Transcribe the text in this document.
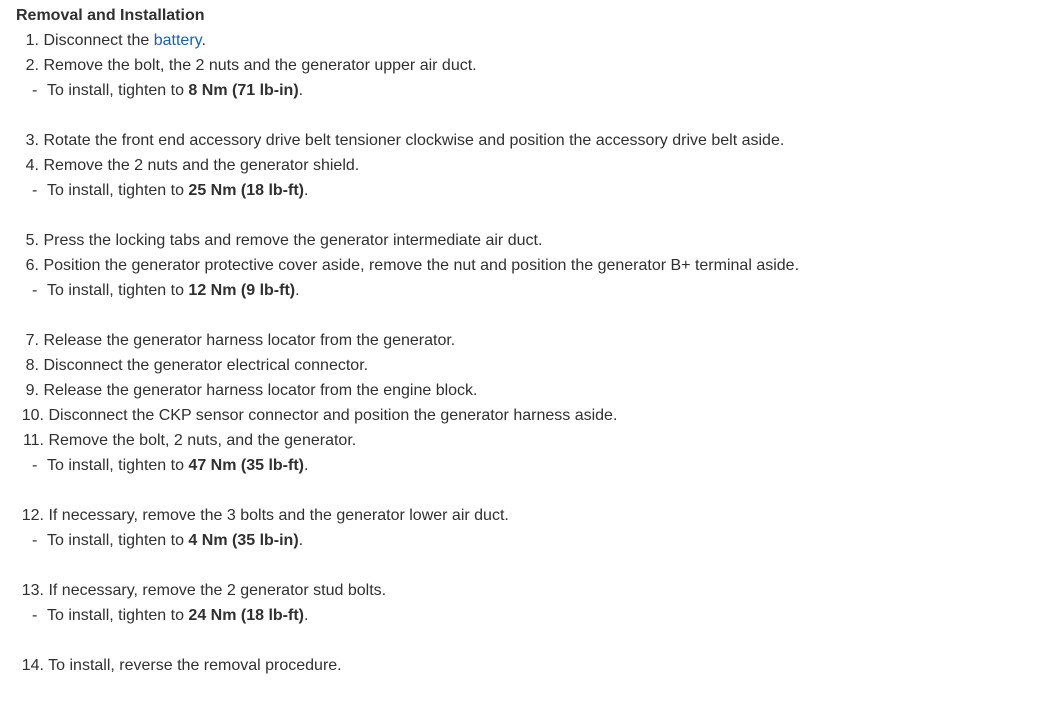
Removal and Installation
1. Disconnect the battery.
2. Remove the bolt, the 2 nuts and the generator upper air duct.
- To install, tighten to 8 Nm (71 lb-in).
3. Rotate the front end accessory drive belt tensioner clockwise and position the accessory drive belt aside.
4. Remove the 2 nuts and the generator shield.
- To install, tighten to 25 Nm (18 lb-ft).
5. Press the locking tabs and remove the generator intermediate air duct.
6. Position the generator protective cover aside, remove the nut and position the generator B+ terminal aside.
- To install, tighten to 12 Nm (9 lb-ft).
7. Release the generator harness locator from the generator.
8. Disconnect the generator electrical connector.
9. Release the generator harness locator from the engine block.
10. Disconnect the CKP sensor connector and position the generator harness aside.
11. Remove the bolt, 2 nuts, and the generator.
- To install, tighten to 47 Nm (35 lb-ft).
12. If necessary, remove the 3 bolts and the generator lower air duct.
- To install, tighten to 4 Nm (35 lb-in).
13. If necessary, remove the 2 generator stud bolts.
- To install, tighten to 24 Nm (18 lb-ft).
14. To install, reverse the removal procedure.
